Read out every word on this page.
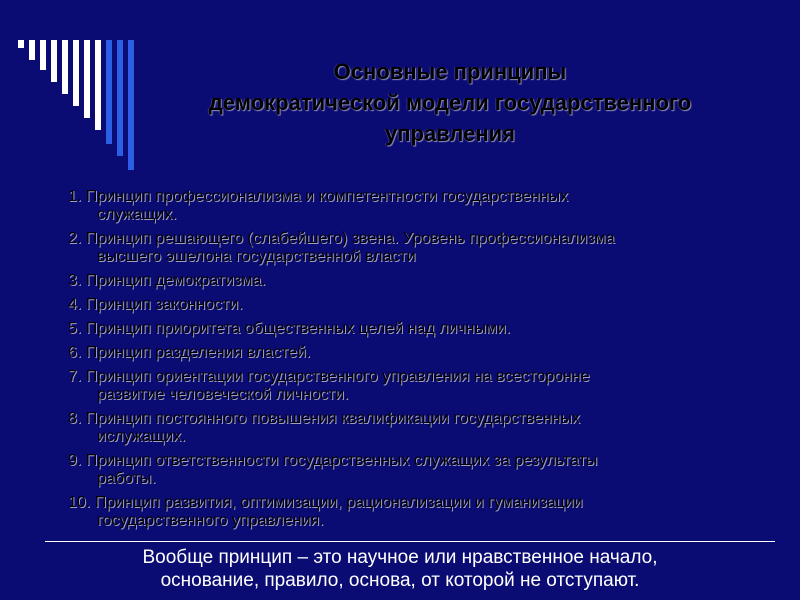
Основные принципы
демократической модели государственного
управления
1. Принцип профессионализма и компетентности государственных
служащих.
2. Принцип решающего (слабейшего) звена. Уровень профессионализма
высшего эшелона государственной власти
3. Принцип демократизма.
4. Принцип законности.
5. Принцип приоритета общественных целей над личными.
6. Принцип разделения властей.
7. Принцип ориентации государственного управления на всесторонне
развитие человеческой личности.
8. Принцип постоянного повышения квалификации государственных
ислужащих.
9. Принцип ответственности государственных служащих за результаты
работы.
10. Принцип развития, оптимизации, рационализации и гуманизации
государственного управления.
Вообще принцип – это научное или нравственное начало,
основание, правило, основа, от которой не отступают.
